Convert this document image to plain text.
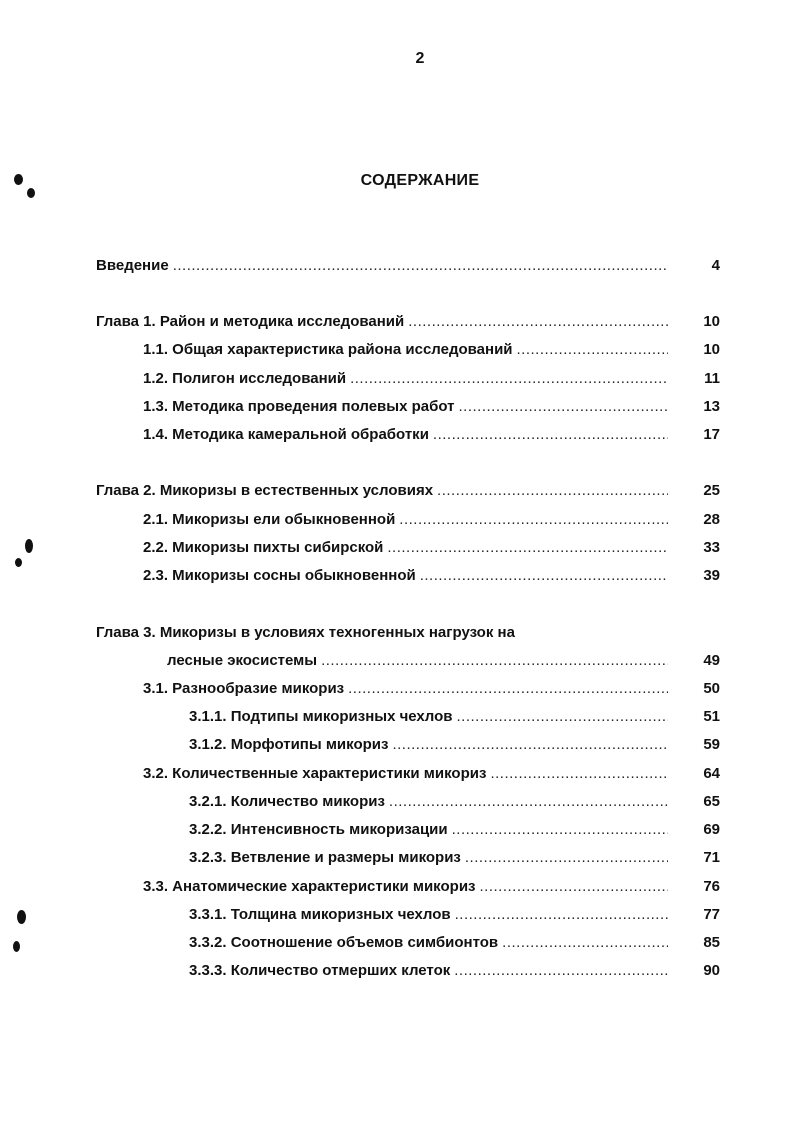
2
СОДЕРЖАНИЕ
Введение .....	4
Глава 1. Район и методика исследований .....	10
1.1. Общая характеристика района исследований .....	10
1.2. Полигон исследований .....	11
1.3. Методика проведения полевых работ .....	13
1.4. Методика камеральной обработки .....	17
Глава 2. Микоризы в естественных условиях .....	25
2.1. Микоризы ели обыкновенной .....	28
2.2. Микоризы пихты сибирской .....	33
2.3. Микоризы сосны обыкновенной .....	39
Глава 3. Микоризы в условиях техногенных нагрузок на
лесные экосистемы .....	49
3.1. Разнообразие микориз .....	50
3.1.1. Подтипы микоризных чехлов .....	51
3.1.2. Морфотипы микориз .....	59
3.2. Количественные характеристики микориз .....	64
3.2.1. Количество микориз .....	65
3.2.2. Интенсивность микоризации .....	69
3.2.3. Ветвление и размеры микориз .....	71
3.3. Анатомические характеристики микориз .....	76
3.3.1. Толщина микоризных чехлов .....	77
3.3.2. Соотношение объемов симбионтов .....	85
3.3.3. Количество отмерших клеток .....	90
